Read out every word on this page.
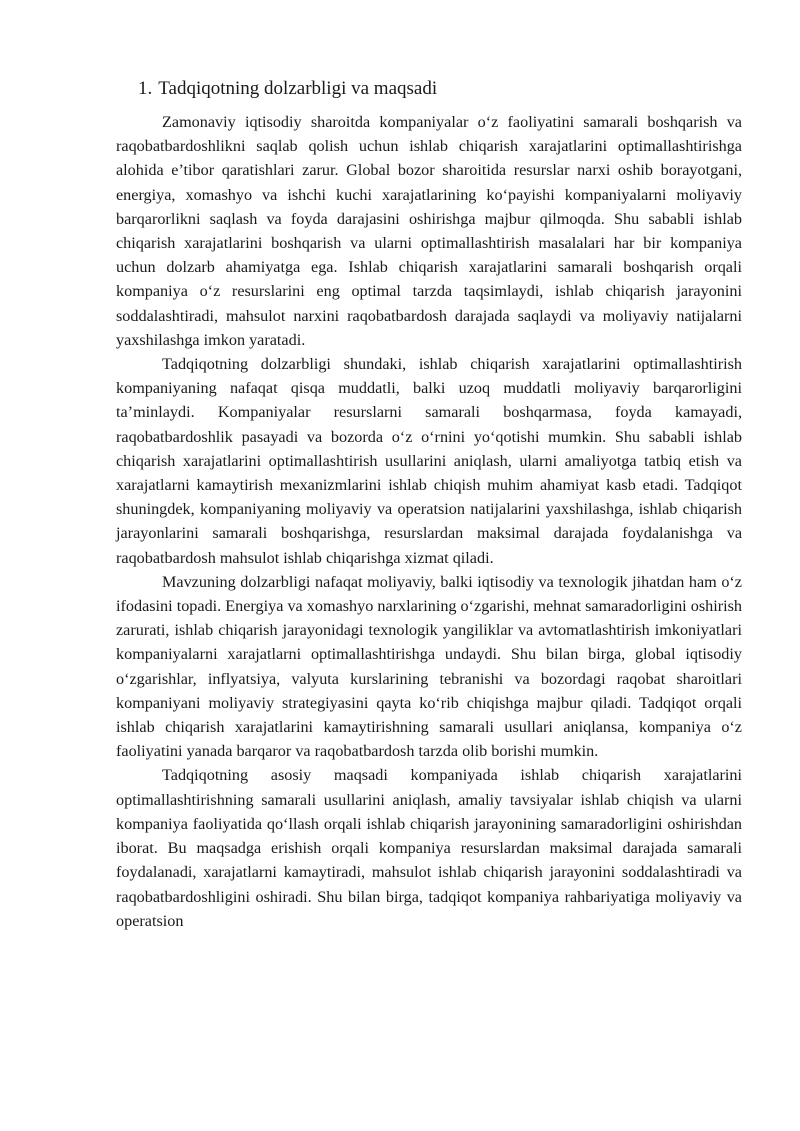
1. Tadqiqotning dolzarbligi va maqsadi

Zamonaviy iqtisodiy sharoitda kompaniyalar o‘z faoliyatini samarali boshqarish va raqobatbardoshlikni saqlab qolish uchun ishlab chiqarish xarajatlarini optimallashtirishga alohida e’tibor qaratishlari zarur. Global bozor sharoitida resurslar narxi oshib borayotgani, energiya, xomashyo va ishchi kuchi xarajatlarining ko‘payishi kompaniyalarni moliyaviy barqarorlikni saqlash va foyda darajasini oshirishga majbur qilmoqda. Shu sababli ishlab chiqarish xarajatlarini boshqarish va ularni optimallashtirish masalalari har bir kompaniya uchun dolzarb ahamiyatga ega. Ishlab chiqarish xarajatlarini samarali boshqarish orqali kompaniya o‘z resurslarini eng optimal tarzda taqsimlaydi, ishlab chiqarish jarayonini soddalashtiradi, mahsulot narxini raqobatbardosh darajada saqlaydi va moliyaviy natijalarni yaxshilashga imkon yaratadi.

Tadqiqotning dolzarbligi shundaki, ishlab chiqarish xarajatlarini optimallashtirish kompaniyaning nafaqat qisqa muddatli, balki uzoq muddatli moliyaviy barqarorligini ta’minlaydi. Kompaniyalar resurslarni samarali boshqarmasa, foyda kamayadi, raqobatbardoshlik pasayadi va bozorda o‘z o‘rnini yo‘qotishi mumkin. Shu sababli ishlab chiqarish xarajatlarini optimallashtirish usullarini aniqlash, ularni amaliyotga tatbiq etish va xarajatlarni kamaytirish mexanizmlarini ishlab chiqish muhim ahamiyat kasb etadi. Tadqiqot shuningdek, kompaniyaning moliyaviy va operatsion natijalarini yaxshilashga, ishlab chiqarish jarayonlarini samarali boshqarishga, resurslardan maksimal darajada foydalanishga va raqobatbardosh mahsulot ishlab chiqarishga xizmat qiladi.

Mavzuning dolzarbligi nafaqat moliyaviy, balki iqtisodiy va texnologik jihatdan ham o‘z ifodasini topadi. Energiya va xomashyo narxlarining o‘zgarishi, mehnat samaradorligini oshirish zarurati, ishlab chiqarish jarayonidagi texnologik yangiliklar va avtomatlashtirish imkoniyatlari kompaniyalarni xarajatlarni optimallashtirishga undaydi. Shu bilan birga, global iqtisodiy o‘zgarishlar, inflyatsiya, valyuta kurslarining tebranishi va bozordagi raqobat sharoitlari kompaniyani moliyaviy strategiyasini qayta ko‘rib chiqishga majbur qiladi. Tadqiqot orqali ishlab chiqarish xarajatlarini kamaytirishning samarali usullari aniqlansa, kompaniya o‘z faoliyatini yanada barqaror va raqobatbardosh tarzda olib borishi mumkin.

Tadqiqotning asosiy maqsadi kompaniyada ishlab chiqarish xarajatlarini optimallashtirishning samarali usullarini aniqlash, amaliy tavsiyalar ishlab chiqish va ularni kompaniya faoliyatida qo‘llash orqali ishlab chiqarish jarayonining samaradorligini oshirishdan iborat. Bu maqsadga erishish orqali kompaniya resurslardan maksimal darajada samarali foydalanadi, xarajatlarni kamaytiradi, mahsulot ishlab chiqarish jarayonini soddalashtiradi va raqobatbardoshligini oshiradi. Shu bilan birga, tadqiqot kompaniya rahbariyatiga moliyaviy va operatsion
